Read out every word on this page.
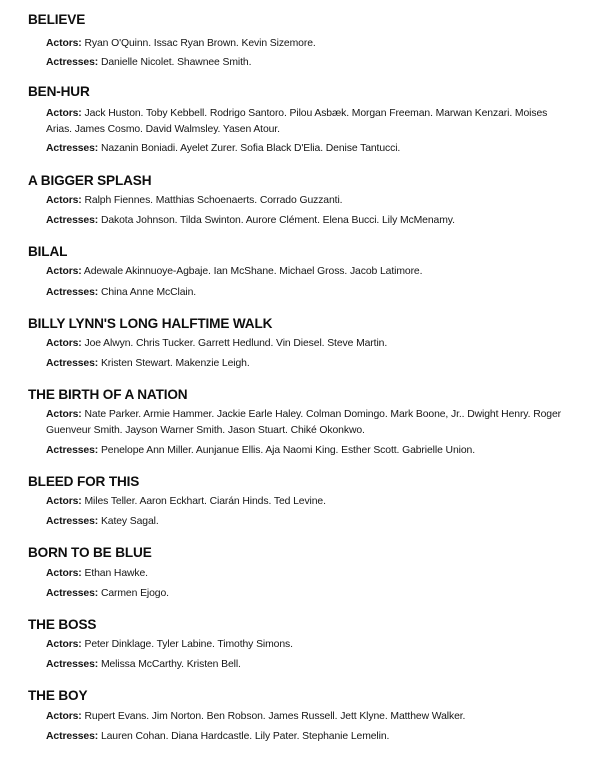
BELIEVE
Actors: Ryan O'Quinn. Issac Ryan Brown. Kevin Sizemore.
Actresses: Danielle Nicolet. Shawnee Smith.
BEN-HUR
Actors: Jack Huston. Toby Kebbell. Rodrigo Santoro. Pilou Asbæk. Morgan Freeman. Marwan Kenzari. Moises Arias. James Cosmo. David Walmsley. Yasen Atour.
Actresses: Nazanin Boniadi. Ayelet Zurer. Sofia Black D'Elia. Denise Tantucci.
A BIGGER SPLASH
Actors: Ralph Fiennes. Matthias Schoenaerts. Corrado Guzzanti.
Actresses: Dakota Johnson. Tilda Swinton. Aurore Clément. Elena Bucci. Lily McMenamy.
BILAL
Actors: Adewale Akinnuoye-Agbaje. Ian McShane. Michael Gross. Jacob Latimore.
Actresses: China Anne McClain.
BILLY LYNN'S LONG HALFTIME WALK
Actors: Joe Alwyn. Chris Tucker. Garrett Hedlund. Vin Diesel. Steve Martin.
Actresses: Kristen Stewart. Makenzie Leigh.
THE BIRTH OF A NATION
Actors: Nate Parker. Armie Hammer. Jackie Earle Haley. Colman Domingo. Mark Boone, Jr.. Dwight Henry. Roger Guenveur Smith. Jayson Warner Smith. Jason Stuart. Chiké Okonkwo.
Actresses: Penelope Ann Miller. Aunjanue Ellis. Aja Naomi King. Esther Scott. Gabrielle Union.
BLEED FOR THIS
Actors: Miles Teller. Aaron Eckhart. Ciarán Hinds. Ted Levine.
Actresses: Katey Sagal.
BORN TO BE BLUE
Actors: Ethan Hawke.
Actresses: Carmen Ejogo.
THE BOSS
Actors: Peter Dinklage. Tyler Labine. Timothy Simons.
Actresses: Melissa McCarthy. Kristen Bell.
THE BOY
Actors: Rupert Evans. Jim Norton. Ben Robson. James Russell. Jett Klyne. Matthew Walker.
Actresses: Lauren Cohan. Diana Hardcastle. Lily Pater. Stephanie Lemelin.
